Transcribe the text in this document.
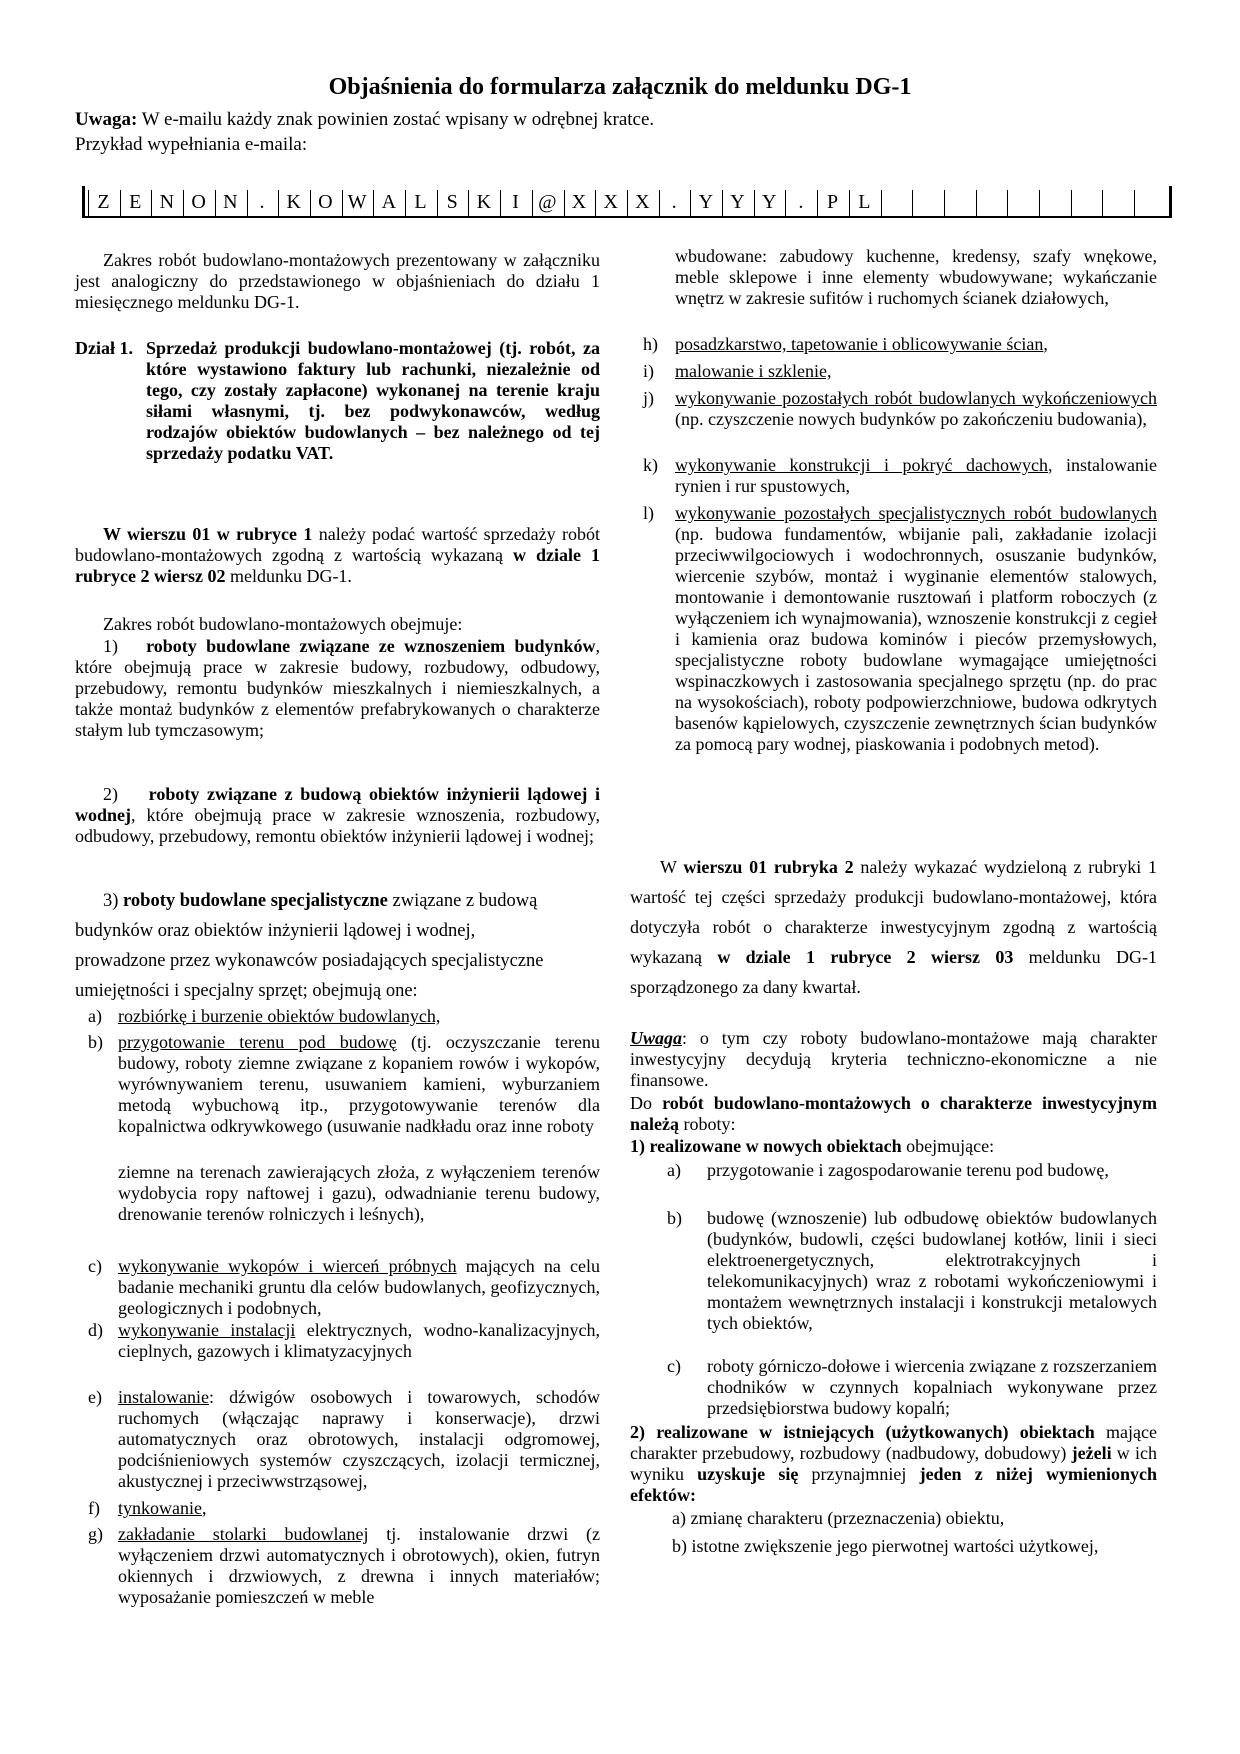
Objaśnienia do formularza załącznik do meldunku DG-1
Uwaga: W e-mailu każdy znak powinien zostać wpisany w odrębnej kratce.
Przykład wypełniania e-maila:
Z E N O N	.	K O W A L	S K	I @ X X X	.	Y Y Y	.	P	L

Zakres robót budowlano-montażowych prezentowany w załączniku jest analogiczny do przedstawionego w objaśnieniach do działu 1 miesięcznego meldunku DG-1.

Dział 1. Sprzedaż produkcji budowlano-montażowej (tj. robót, za które wystawiono faktury lub rachunki, niezależnie od tego, czy zostały zapłacone) wykonanej na terenie kraju siłami własnymi, tj. bez podwykonawców, według rodzajów obiektów budowlanych – bez należnego od tej sprzedaży podatku VAT.
W wierszu 01 w rubryce 1 należy podać wartość sprzedaży robót budowlano-montażowych zgodną z wartością wykazaną w dziale 1 rubryce 2 wiersz 02 meldunku DG-1.
Zakres robót budowlano-montażowych obejmuje:
1) roboty budowlane związane ze wznoszeniem budynków, które obejmują prace w zakresie budowy, rozbudowy, odbudowy, przebudowy, remontu budynków mieszkalnych i niemieszkalnych, a także montaż budynków z elementów prefabrykowanych o charakterze stałym lub tymczasowym;
2) roboty związane z budową obiektów inżynierii lądowej i wodnej, które obejmują prace w zakresie wznoszenia, rozbudowy, odbudowy, przebudowy, remontu obiektów inżynierii lądowej i wodnej;
3) roboty budowlane specjalistyczne związane z budową
budynków oraz obiektów inżynierii lądowej i wodnej,
prowadzone przez wykonawców posiadających specjalistyczne
umiejętności i specjalny sprzęt; obejmują one:
a) rozbiórkę i burzenie obiektów budowlanych,
b) przygotowanie terenu pod budowę (tj. oczyszczanie terenu budowy, roboty ziemne związane z kopaniem rowów i wykopów, wyrównywaniem terenu, usuwaniem kamieni, wyburzaniem metodą wybuchową itp., przygotowywanie terenów dla kopalnictwa odkrywkowego (usuwanie nadkładu oraz inne roboty
ziemne na terenach zawierających złoża, z wyłączeniem terenów wydobycia ropy naftowej i gazu), odwadnianie terenu budowy, drenowanie terenów rolniczych i leśnych),
c) wykonywanie wykopów i wierceń próbnych mających na celu badanie mechaniki gruntu dla celów budowlanych, geofizycznych, geologicznych i podobnych,
d) wykonywanie instalacji elektrycznych, wodno-kanalizacyjnych, cieplnych, gazowych i klimatyzacyjnych
e) instalowanie: dźwigów osobowych i towarowych, schodów ruchomych (włączając naprawy i konserwacje), drzwi automatycznych oraz obrotowych, instalacji odgromowej, podciśnieniowych systemów czyszczących, izolacji termicznej, akustycznej i przeciwwstrząsowej,
f) tynkowanie,
g) zakładanie stolarki budowlanej tj. instalowanie drzwi (z wyłączeniem drzwi automatycznych i obrotowych), okien, futryn okiennych i drzwiowych, z drewna i innych materiałów; wyposażanie pomieszczeń w meble
wbudowane: zabudowy kuchenne, kredensy, szafy wnękowe, meble sklepowe i inne elementy wbudowywane; wykańczanie wnętrz w zakresie sufitów i ruchomych ścianek działowych,
h) posadzkarstwo, tapetowanie i oblicowywanie ścian,
i) malowanie i szklenie,
j) wykonywanie pozostałych robót budowlanych wykończeniowych (np. czyszczenie nowych budynków po zakończeniu budowania),
k) wykonywanie konstrukcji i pokryć dachowych, instalowanie rynien i rur spustowych,
l) wykonywanie pozostałych specjalistycznych robót budowlanych (np. budowa fundamentów, wbijanie pali, zakładanie izolacji przeciwwilgociowych i wodochronnych, osuszanie budynków, wiercenie szybów, montaż i wyginanie elementów stalowych, montowanie i demontowanie rusztowań i platform roboczych (z wyłączeniem ich wynajmowania), wznoszenie konstrukcji z cegieł i kamienia oraz budowa kominów i pieców przemysłowych, specjalistyczne roboty budowlane wymagające umiejętności wspinaczkowych i zastosowania specjalnego sprzętu (np. do prac na wysokościach), roboty podpowierzchniowe, budowa odkrytych basenów kąpielowych, czyszczenie zewnętrznych ścian budynków za pomocą pary wodnej, piaskowania i podobnych metod).
W wierszu 01 rubryka 2 należy wykazać wydzieloną z rubryki 1 wartość tej części sprzedaży produkcji budowlano-montażowej, która dotyczyła robót o charakterze inwestycyjnym zgodną z wartością wykazaną w dziale 1 rubryce 2 wiersz 03 meldunku DG-1 sporządzonego za dany kwartał.
Uwaga: o tym czy roboty budowlano-montażowe mają charakter inwestycyjny decydują kryteria techniczno-ekonomiczne a nie finansowe.
Do robót budowlano-montażowych o charakterze inwestycyjnym należą roboty:
1) realizowane w nowych obiektach obejmujące:
a) przygotowanie i zagospodarowanie terenu pod budowę,
b) budowę (wznoszenie) lub odbudowę obiektów budowlanych (budynków, budowli, części budowlanej kotłów, linii i sieci elektroenergetycznych, elektrotrakcyjnych i telekomunikacyjnych) wraz z robotami wykończeniowymi i montażem wewnętrznych instalacji i konstrukcji metalowych tych obiektów,
c) roboty górniczo-dołowe i wiercenia związane z rozszerzaniem chodników w czynnych kopalniach wykonywane przez przedsiębiorstwa budowy kopalń;
2) realizowane w istniejących (użytkowanych) obiektach mające charakter przebudowy, rozbudowy (nadbudowy, dobudowy) jeżeli w ich wyniku uzyskuje się przynajmniej jeden z niżej wymienionych efektów:
a) zmianę charakteru (przeznaczenia) obiektu,
b) istotne zwiększenie jego pierwotnej wartości użytkowej,
